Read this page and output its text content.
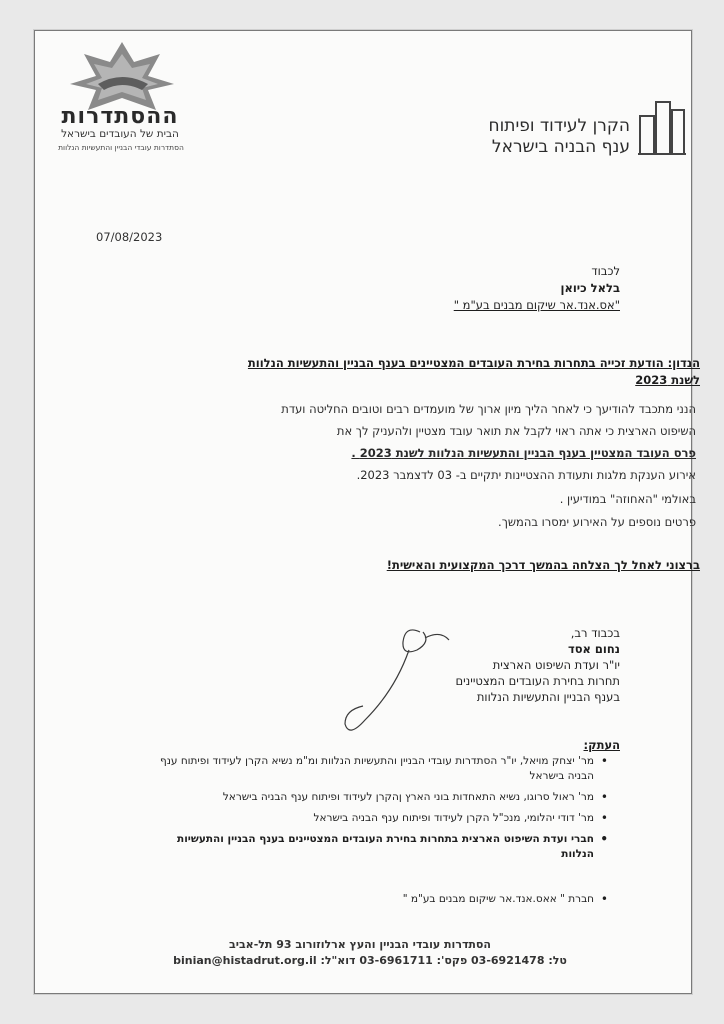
ההסתדרות
הבית של העובדים בישראל
הסתדרות עובדי הבניין והתעשיות הנלוות
הקרן לעידוד ופיתוח
ענף הבניה בישראל
07/08/2023
לכבוד
בלאל כיואן
"אס.אנד.אר שיקום מבנים בע"מ "
הנדון: הודעת זכייה בתחרות בחירת העובדים המצטיינים בענף הבניין והתעשיות הנלוות
לשנת 2023
הנני מתכבד להודיעך כי לאחר הליך מיון ארוך של מועמדים רבים וטובים החליטה ועדת
השיפוט הארצית כי אתה ראוי לקבל את תואר עובד מצטיין ולהעניק לך את
פרס העובד המצטיין בענף הבניין והתעשיות הנלוות לשנת 2023 .
אירוע הענקת מלגות ותעודת ההצטיינות יתקיים ב- 03 לדצמבר 2023.
באולמי "האחוזה" במודיעין .
פרטים נוספים על האירוע ימסרו בהמשך.
ברצוני לאחל לך הצלחה בהמשך דרכך המקצועית והאישית!
בכבוד רב,
נחום אסד
יו"ר ועדת השיפוט הארצית
תחרות בחירת העובדים המצטיינים
בענף הבניין והתעשיות הנלוות
העתק:
• מר' יצחק מויאל, יו"ר הסתדרות עובדי הבניין והתעשיות הנלוות ומ"מ נשיא הקרן לעידוד ופיתוח ענף הבניה בישראל
• מר' ראול סרוגו, נשיא התאחדות בוני הארץ ןהקרן לעידוד ופיתוח ענף הבניה בישראל
• מר' דודי יהלומי, מנכ"ל הקרן לעידוד ופיתוח ענף הבניה בישראל
• חברי ועדת השיפוט הארצית בתחרות בחירת העובדים המצטיינים בענף הבניין והתעשיות הנלוות
• חברת " אאס.אנד.אר שיקום מבנים בע"מ "
הסתדרות עובדי הבניין והעץ ארלוזורוב 93 תל-אביב
טל: 03-6921478 פקס': 03-6961711 דוא"ל: binian@histadrut.org.il
